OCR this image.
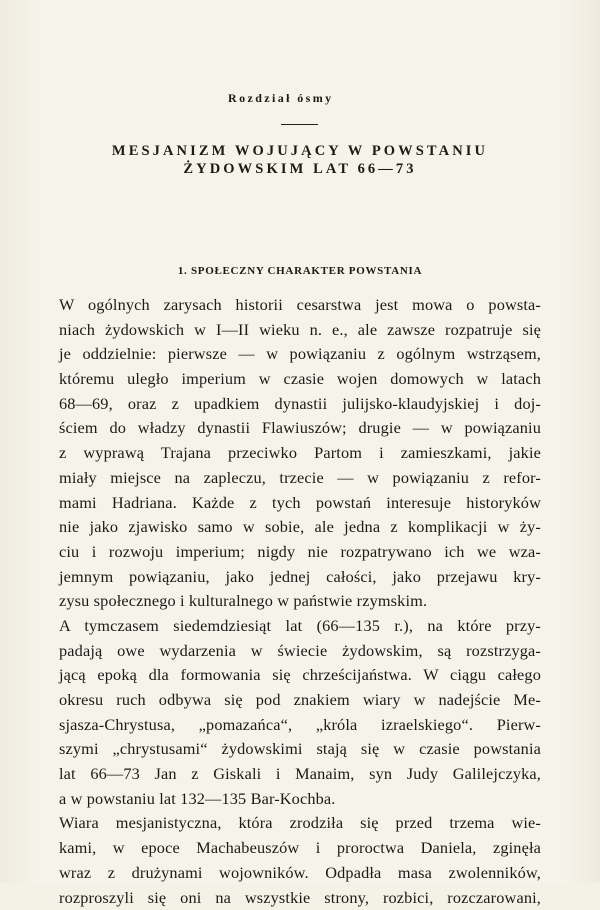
Rozdział ósmy
MESJANIZM WOJUJĄCY W POWSTANIU
ŻYDOWSKIM LAT 66—73
1. SPOŁECZNY CHARAKTER POWSTANIA
W ogólnych zarysach historii cesarstwa jest mowa o powsta-
niach żydowskich w I—II wieku n. e., ale zawsze rozpatruje się
je oddzielnie: pierwsze — w powiązaniu z ogólnym wstrząsem,
któremu uległo imperium w czasie wojen domowych w latach
68—69, oraz z upadkiem dynastii julijsko-klaudyjskiej i doj-
ściem do władzy dynastii Flawiuszów; drugie — w powiązaniu
z wyprawą Trajana przeciwko Partom i zamieszkami, jakie
miały miejsce na zapleczu, trzecie — w powiązaniu z refor-
mami Hadriana. Każde z tych powstań interesuje historyków
nie jako zjawisko samo w sobie, ale jedna z komplikacji w ży-
ciu i rozwoju imperium; nigdy nie rozpatrywano ich we wza-
jemnym powiązaniu, jako jednej całości, jako przejawu kry-
zysu społecznego i kulturalnego w państwie rzymskim.
A tymczasem siedemdziesiąt lat (66—135 r.), na które przy-
padają owe wydarzenia w świecie żydowskim, są rozstrzyga-
jącą epoką dla formowania się chrześcijaństwa. W ciągu całego
okresu ruch odbywa się pod znakiem wiary w nadejście Me-
sjasza-Chrystusa, „pomazańca“, „króla izraelskiego“. Pierw-
szymi „chrystusami“ żydowskimi stają się w czasie powstania
lat 66—73 Jan z Giskali i Manaim, syn Judy Galilejczyka,
a w powstaniu lat 132—135 Bar-Kochba.
Wiara mesjanistyczna, która zrodziła się przed trzema wie-
kami, w epoce Machabeuszów i proroctwa Daniela, zginęła
wraz z drużynami wojowników. Odpadła masa zwolenników,
rozproszyli się oni na wszystkie strony, rozbici, rozczarowani,
